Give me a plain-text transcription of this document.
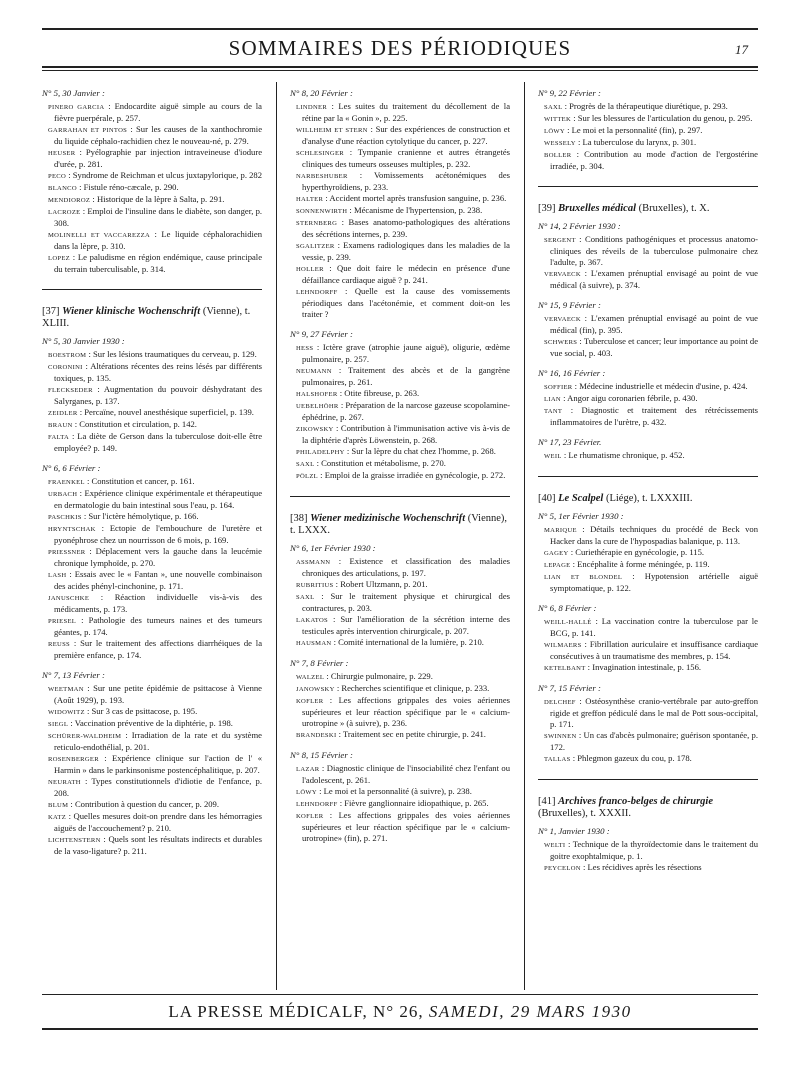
SOMMAIRES DES PÉRIODIQUES	17
N° 5, 30 Janvier :
PINERO GARCIA : Endocardite aiguë simple au cours de la fièvre puerpérale, p. 257.
GARRAHAN ET PINTOS : Sur les causes de la xanthochromie du liquide céphalo-rachidien chez le nouveau-né, p. 279.
HEUSER : Pyélographie par injection intraveineuse d'iodure d'urée, p. 281.
PECO : Syndrome de Reichman et ulcus juxtapylorique, p. 282
BLANCO : Fistule réno-cæcale, p. 290.
MENDIOROZ : Historique de la lèpre à Salta, p. 291.
LACROZE : Emploi de l'insuline dans le diabète, son danger, p. 308.
MOLINELLI ET VACCAREZZA : Le liquide céphalorachidien dans la lèpre, p. 310.
LOPEZ : Le paludisme en région endémique, cause principale du terrain tuberculisable, p. 314.
[37] Wiener klinische Wochenschrift (Vienne), t. XLIII.
N° 5, 30 Janvier 1930 :
BOESTROM : Sur les lésions traumatiques du cerveau, p. 129.
CORONINI : Altérations récentes des reins lésés par différents toxiques, p. 135.
FLECKSEDER : Augmentation du pouvoir déshydratant des Salyrganes, p. 137.
ZEIDLER : Percaïne, nouvel anesthésique superficiel, p. 139.
BRAUN : Constitution et circulation, p. 142.
FALTA : La diète de Gerson dans la tuberculose doit-elle être employée? p. 149.
N° 6, 6 Février :
FRAENKEL : Constitution et cancer, p. 161.
URBACH : Expérience clinique expérimentale et thérapeutique en dermatologie du bain intestinal sous l'eau, p. 164.
PASCHKIS : Sur l'ictère hémolytique, p. 166.
HRYNTSCHAK : Ectopie de l'embouchure de l'uretère et pyonéphrose chez un nourrisson de 6 mois, p. 169.
PRIESSNER : Déplacement vers la gauche dans la leucémie chronique lymphoïde, p. 270.
LASH : Essais avec le « Fantan », une nouvelle combinaison des acides phényl-cinchonine, p. 171.
JANUSCHKE : Réaction individuelle vis-à-vis des médicaments, p. 173.
PRIESEL : Pathologie des tumeurs naines et des tumeurs géantes, p. 174.
REUSS : Sur le traitement des affections diarrhéiques de la première enfance, p. 174.
N° 7, 13 Février :
WEETMAN : Sur une petite épidémie de psittacose à Vienne (Août 1929), p. 193.
WIDOWITZ : Sur 3 cas de psittacose, p. 195.
SIEGL : Vaccination préventive de la diphtérie, p. 198.
SCHÜRER-WALDHEIM : Irradiation de la rate et du système reticulo-endothélial, p. 201.
ROSENBERGER : Expérience clinique sur l'action de l' « Harmin » dans le parkinsonisme postencéphalitique, p. 207.
NEURATH : Types constitutionnels d'idiotie de l'enfance, p. 208.
BLUM : Contribution à question du cancer, p. 209.
KATZ : Quelles mesures doit-on prendre dans les hémorragies aiguës de l'accouchement? p. 210.
LICHTENSTERN : Quels sont les résultats indirects et durables de la vaso-ligature? p. 211.
N° 8, 20 Février :
LINDNER : Les suites du traitement du décollement de la rétine par la « Gonin », p. 225.
WILLHEIM ET STERN : Sur des expériences de construction et d'analyse d'une réaction cytolytique du cancer, p. 227.
SCHLESINGER : Tympanie cranienne et autres étrangetés cliniques des tumeurs osseuses multiples, p. 232.
NARBESHUBER : Vomissements acétonémiques des hyperthyroïdiens, p. 233.
HALTER : Accident mortel après transfusion sanguine, p. 236.
SONNENWIRTH : Mécanisme de l'hypertension, p. 238.
STERNBERG : Bases anatomo-pathologiques des altérations des sécrétions internes, p. 239.
SGALITZER : Examens radiologiques dans les maladies de la vessie, p. 239.
HOLLER : Que doit faire le médecin en présence d'une défaillance cardiaque aiguë ? p. 241.
LEHNDORFF : Quelle est la cause des vomissements périodiques dans l'acétonémie, et comment doit-on les traiter ?
N° 9, 27 Février :
HESS : Ictère grave (atrophie jaune aiguë), oligurie, œdème pulmonaire, p. 257.
NEUMANN : Traitement des abcès et de la gangrène pulmonaires, p. 261.
HALSHOFER : Otite fibreuse, p. 263.
UEBELHÖHR : Préparation de la narcose gazeuse scopolamine-éphédrine, p. 267.
ZIKOWSKY : Contribution à l'immunisation active vis à-vis de la diphtérie d'après Löwenstein, p. 268.
PHILADELPHY : Sur la lèpre du chat chez l'homme, p. 268.
SAXL : Constitution et métabolisme, p. 270.
PÖLZL : Emploi de la graisse irradiée en gynécologie, p. 272.
[38] Wiener medizinische Wochenschrift (Vienne), t. LXXX.
N° 6, 1er Février 1930 :
ASSMANN : Existence et classification des maladies chroniques des articulations, p. 197.
RUBRITIUS : Robert Ultzmann, p. 201.
SAXL : Sur le traitement physique et chirurgical des contractures, p. 203.
LAKATOS : Sur l'amélioration de la sécrétion interne des testicules après intervention chirurgicale, p. 207.
HAUSMAN : Comité international de la lumière, p. 210.
N° 7, 8 Février :
WALZEL : Chirurgie pulmonaire, p. 229.
JANOWSKY : Recherches scientifique et clinique, p. 233.
KOFLER : Les affections grippales des voies aériennes supérieures et leur réaction spécifique par le « calcium-urotropine » (à suivre), p. 236.
BRANDESKI : Traitement sec en petite chirurgie, p. 241.
N° 8, 15 Février :
LAZAR : Diagnostic clinique de l'insociabilité chez l'enfant ou l'adolescent, p. 261.
LÖWY : Le moi et la personnalité (à suivre), p. 238.
LEHNDORFF : Fièvre ganglionnaire idiopathique, p. 265.
KOFLER : Les affections grippales des voies aériennes supérieures et leur réaction spécifique par le « calcium-urotropine» (fin), p. 271.
N° 9, 22 Février :
SAXL : Progrès de la thérapeutique diurétique, p. 293.
WITTEK : Sur les blessures de l'articulation du genou, p. 295.
LÖWY : Le moi et la personnalité (fin), p. 297.
WESSELY : La tuberculose du larynx, p. 301.
BOLLER : Contribution au mode d'action de l'ergostérine irradiée, p. 304.
[39] Bruxelles médical (Bruxelles), t. X.
N° 14, 2 Février 1930 :
SERGENT : Conditions pathogéniques et processus anatomo-cliniques des réveils de la tuberculose pulmonaire chez l'adulte, p. 367.
VERVAECK : L'examen prénuptial envisagé au point de vue médical (à suivre), p. 374.
N° 15, 9 Février :
VERVAECK : L'examen prénuptial envisagé au point de vue médical (fin), p. 395.
SCHWERS : Tuberculose et cancer; leur importance au point de vue social, p. 403.
N° 16, 16 Février :
SOFFIER : Médecine industrielle et médecin d'usine, p. 424.
LIAN : Angor aigu coronarien fébrile, p. 430.
TANT : Diagnostic et traitement des rétrécissements inflammatoires de l'urètre, p. 432.
N° 17, 23 Février.
WEIL : Le rhumatisme chronique, p. 452.
[40] Le Scalpel (Liége), t. LXXXIII.
N° 5, 1er Février 1930 :
MARIQUE : Détails techniques du procédé de Beck von Hacker dans la cure de l'hypospadias balanique, p. 113.
GAGEY : Curiethérapie en gynécologie, p. 115.
LEPAGE : Encéphalite à forme méningée, p. 119.
LIAN ET BLONDEL : Hypotension artérielle aiguë symptomatique, p. 122.
N° 6, 8 Février :
WEILL-HALLÉ : La vaccination contre la tuberculose par le BCG, p. 141.
WILMAERS : Fibrillation auriculaire et insuffisance cardiaque consécutives à un traumatisme des membres, p. 154.
KETELBANT : Invagination intestinale, p. 156.
N° 7, 15 Février :
DELCHEF : Ostéosynthèse cranio-vertébrale par auto-greffon rigide et greffon pédiculé dans le mal de Pott sous-occipital, p. 171.
SWINNEN : Un cas d'abcès pulmonaire; guérison spontanée, p. 172.
TALLAS : Phlegmon gazeux du cou, p. 178.
[41] Archives franco-belges de chirurgie (Bruxelles), t. XXXII.
N° 1, Janvier 1930 :
WELTI : Technique de la thyroïdectomie dans le traitement du goitre exophtalmique, p. 1.
PEYCELON : Les récidives après les résections
LA PRESSE MÉDICALF, N° 26, SAMEDI, 29 MARS 1930
